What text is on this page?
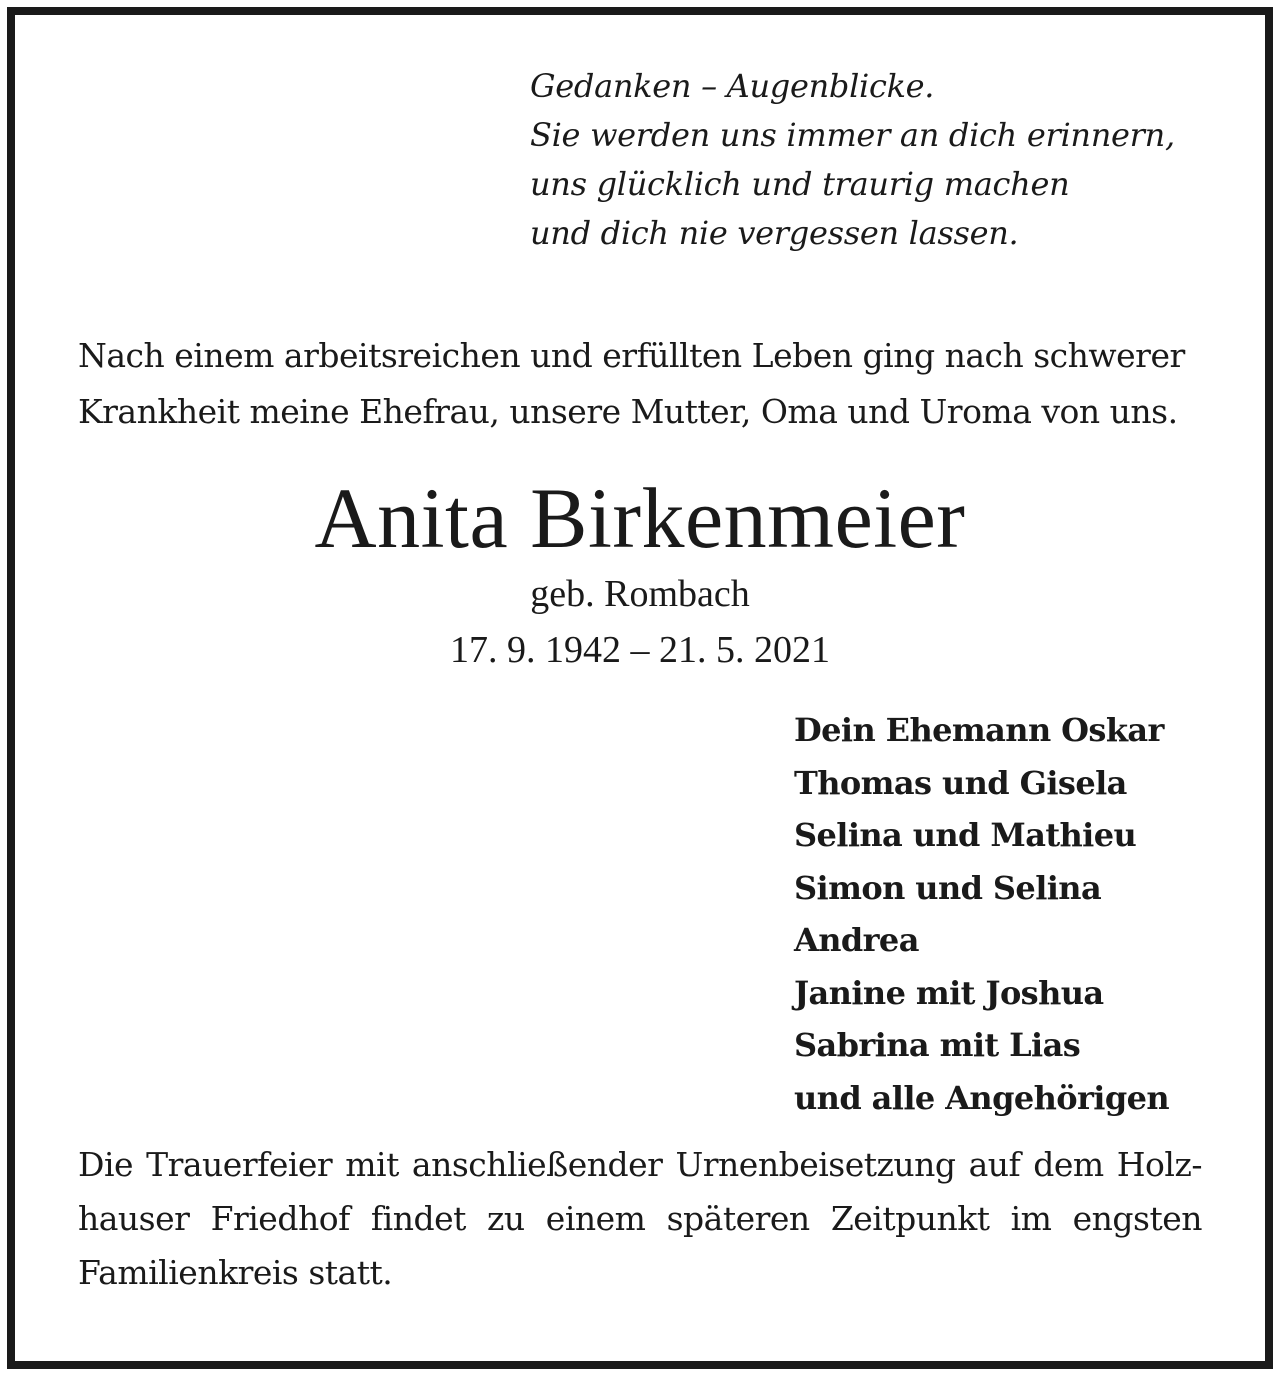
Gedanken – Augenblicke.
Sie werden uns immer an dich erinnern,
uns glücklich und traurig machen
und dich nie vergessen lassen.
Nach einem arbeitsreichen und erfüllten Leben ging nach schwerer
Krankheit meine Ehefrau, unsere Mutter, Oma und Uroma von uns.
Anita Birkenmeier
geb. Rombach
17. 9. 1942 – 21. 5. 2021
Dein Ehemann Oskar
Thomas und Gisela
Selina und Mathieu
Simon und Selina
Andrea
Janine mit Joshua
Sabrina mit Lias
und alle Angehörigen
Die Trauerfeier mit anschließender Urnenbeisetzung auf dem Holz-
hauser Friedhof findet zu einem späteren Zeitpunkt im engsten
Familienkreis statt.
